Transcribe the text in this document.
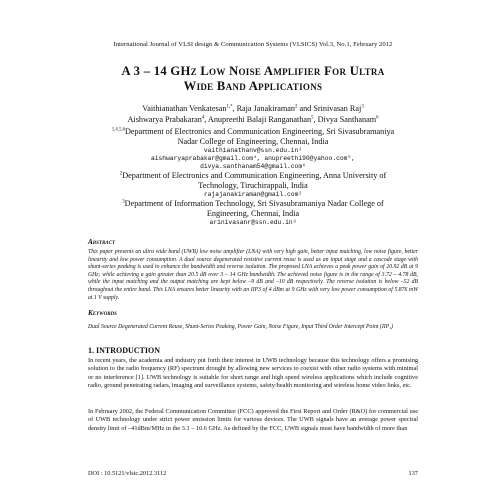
International Journal of VLSI design & Communication Systems (VLSICS) Vol.3, No.1, February 2012
A 3 – 14 GHz Low Noise Amplifier For Ultra
Wide Band Applications
Vaithianathan Venkatesan$^{1,*}$, Raja Janakiraman$^2$ and Srinivasan Raj$^3$
Aishwarya Prabakaran$^4$, Anupreethi Balaji Ranganathan$^5$, Divya Santhanam$^6$
$^{1,4,5,6}$Department of Electronics and Communication Engineering, Sri Sivasubramaniya
Nadar College of Engineering, Chennai, India
vaithianathanv@ssn.edu.in¹
aishwaryaprabakar@gmail.com⁴, anupreethi90@yahoo.com⁵,
divya.santhanam54@gmail.com⁶
$^2$Department of Electronics and Communication Engineering, Anna University of
Technology, Tiruchirappali, India
rajajanakiraman@gmail.com²
$^3$Department of Information Technology, Sri Sivasubramaniya Nadar College of
Engineering, Chennai, India
arinivasanr@ssn.edu.in³
Abstract
This paper presents an ultra wide band (UWB) low noise amplifier (LNA) with very high gain, better input matching, low noise figure, better linearity and low power consumption. A dual source degenerated resistive current reuse is used as an input stage and a cascode stage with shunt-series peaking is used to enhance the bandwidth and reverse isolation. The proposed LNA achieves a peak power gain of 20.92 dB at 9 GHz; while achieving a gain greater than 20.5 dB over 3 – 14 GHz bandwidth. The achieved noise figure is in the range of 3.72 – 4.78 dB, while the input matching and the output matching are kept below –9 dB and –10 dB respectively. The reverse isolation is below –52 dB throughout the entire band. This LNA ensures better linearity with an IIP3 of 4 dBm at 9 GHz with very low power consumption of 5.876 mW at 1 V supply.
Keywords
Dual Source Degenerated Current Reuse, Shunt-Series Peaking, Power Gain, Noise Figure, Input Third Order Intercept Point (IIP₃)
1. INTRODUCTION
In recent years, the academia and industry put forth their interest in UWB technology because this technology offers a promising solution to the radio frequency (RF) spectrum drought by allowing new services to coexist with other radio systems with minimal or no interference [1]. UWB technology is suitable for short range and high speed wireless applications which include cognitive radio, ground penetrating radars, imaging and surveillance systems, safety/health monitoring and wireless home video links, etc.
In February 2002, the Federal Communication Committee (FCC) approved the First Report and Order (R&O) for commercial use of UWB technology under strict power emission limits for various devices. The UWB signals have an average power spectral density limit of –41dBm/MHz in the 3.1 – 10.6 GHz. As defined by the FCC, UWB signals must have bandwidth of more than
DOI : 10.5121/vlsic.2012.3112	137
